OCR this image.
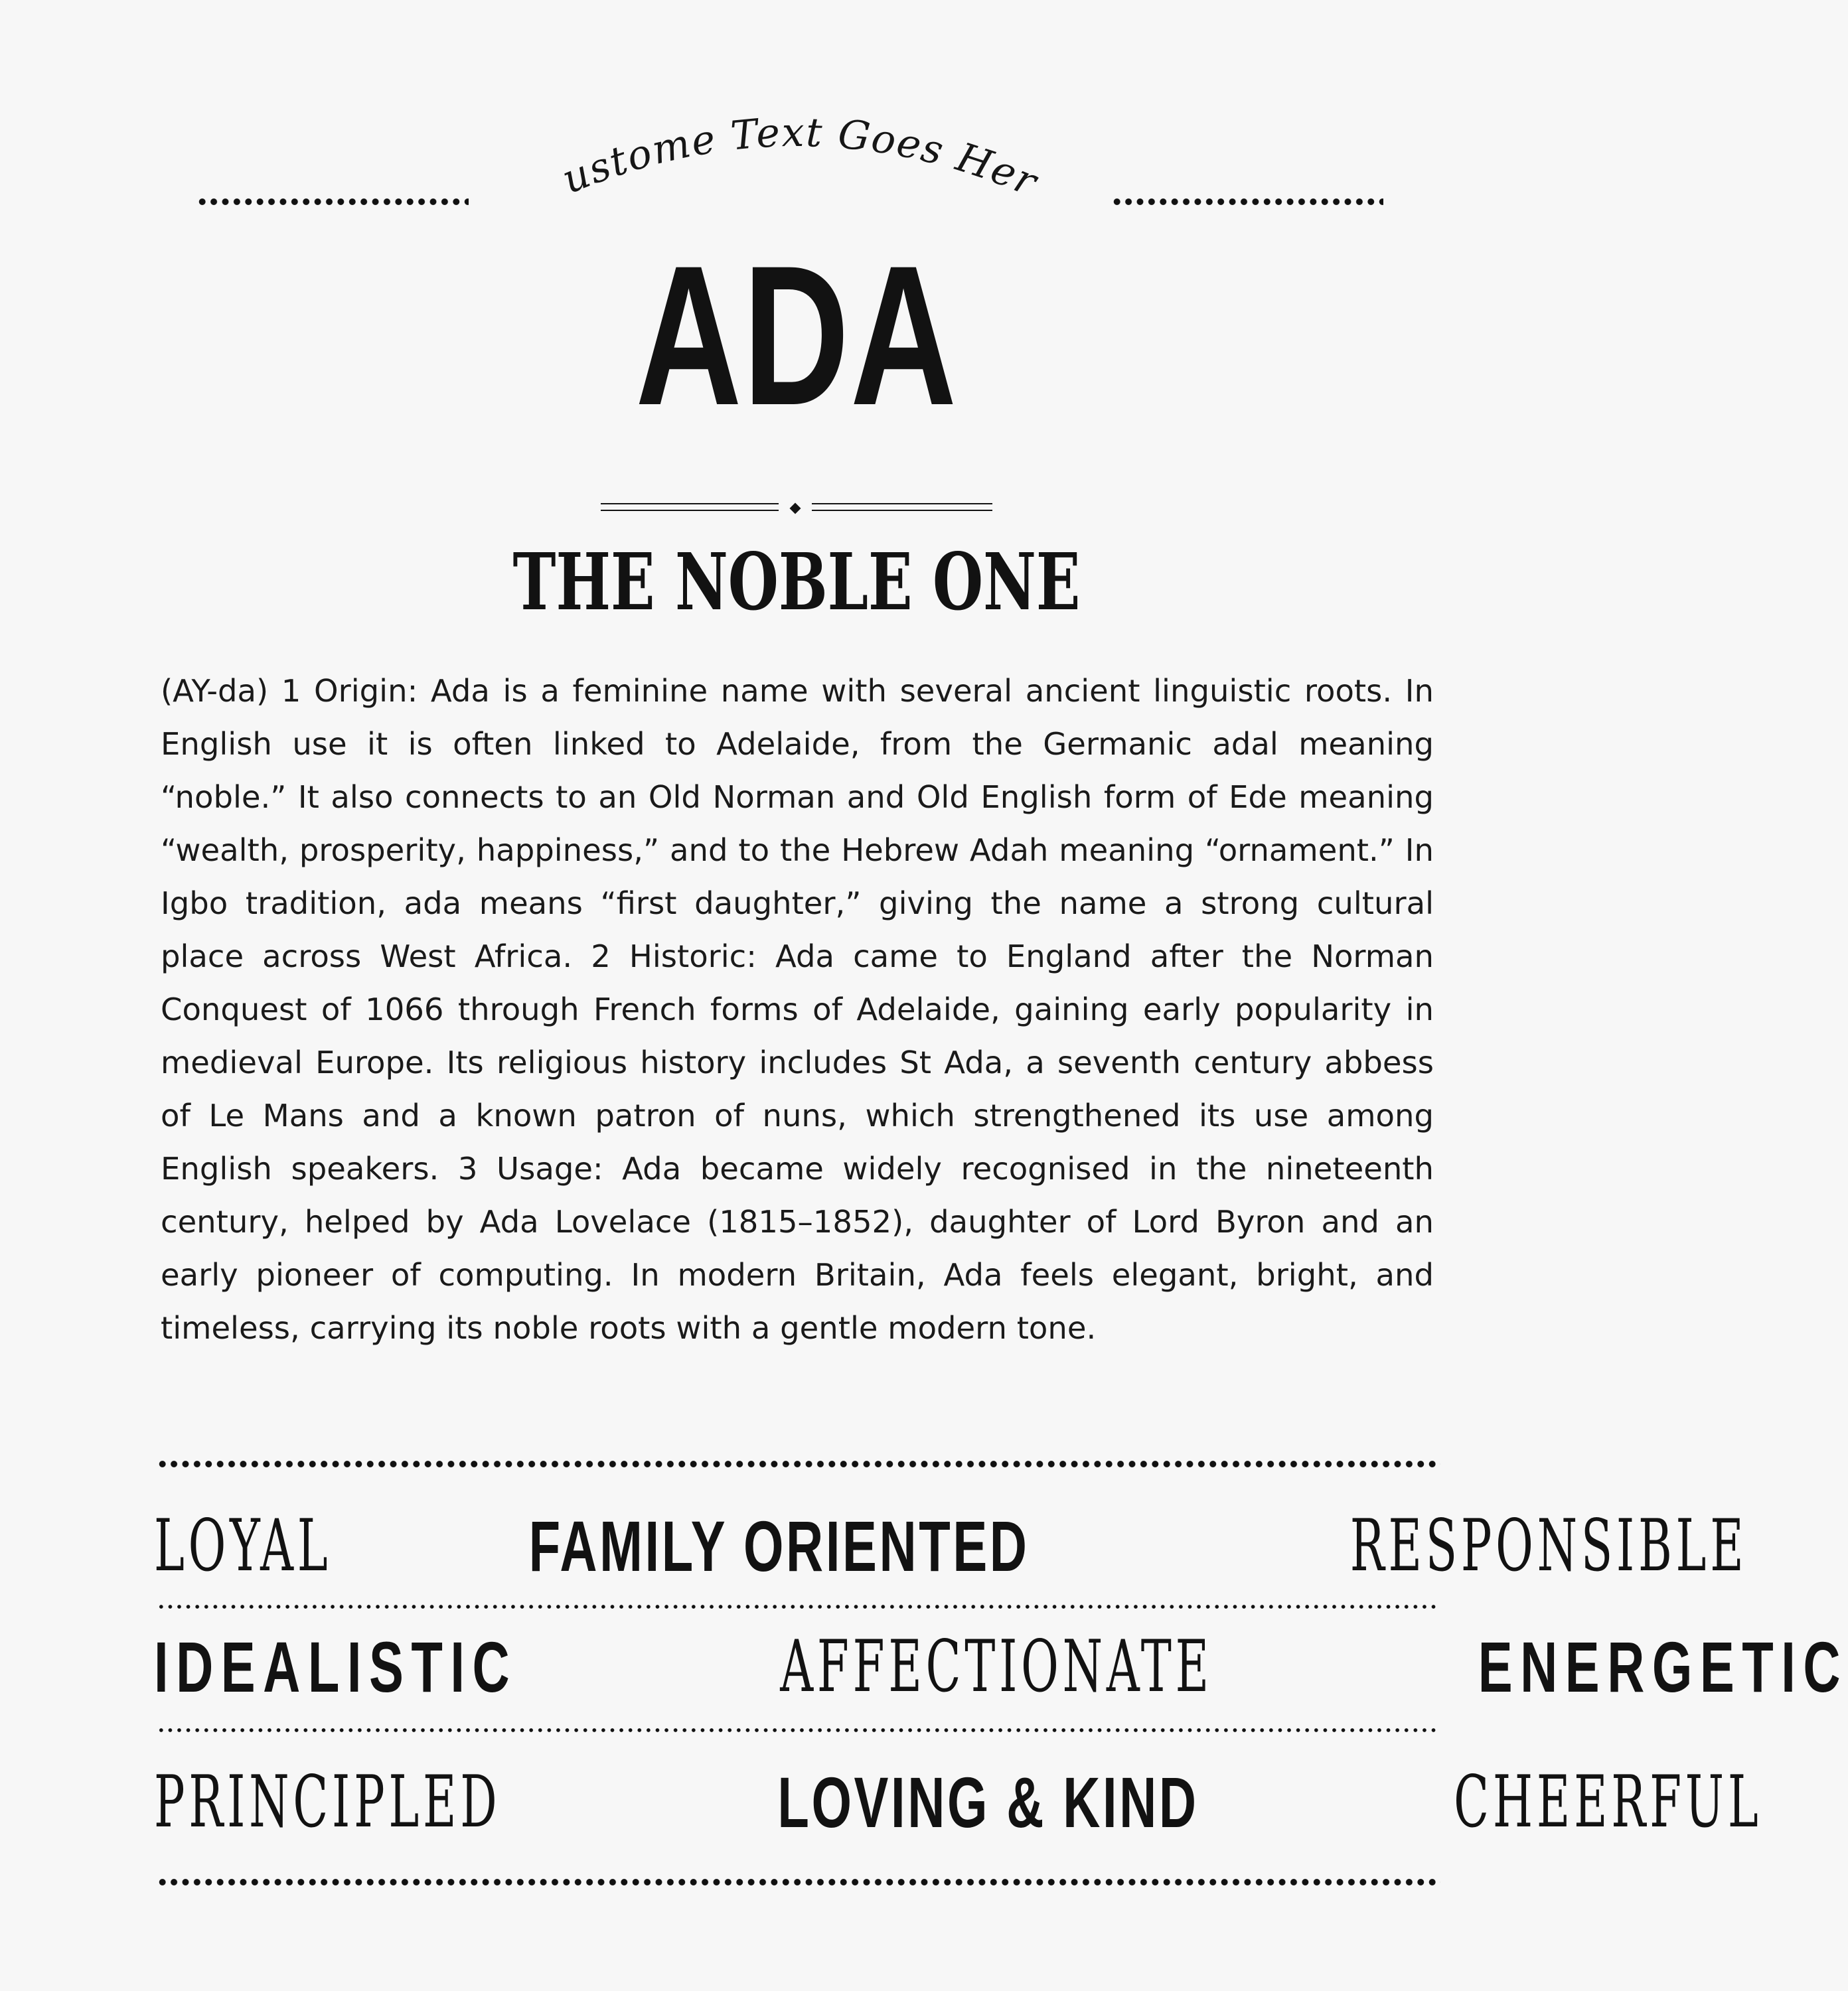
Custome Text Goes Here
ADA
THE NOBLE ONE

(AY-da) 1 Origin: Ada is a feminine name with several ancient linguistic roots. In English use it is often linked to Adelaide, from the Germanic adal meaning “noble.” It also connects to an Old Norman and Old English form of Ede meaning “wealth, prosperity, happiness,” and to the Hebrew Adah meaning “ornament.” In Igbo tradition, ada means “first daughter,” giving the name a strong cultural place across West Africa. 2 Historic: Ada came to England after the Norman Conquest of 1066 through French forms of Adelaide, gaining early popularity in medieval Europe. Its religious history includes St Ada, a seventh century abbess of Le Mans and a known patron of nuns, which strengthened its use among English speakers. 3 Usage: Ada became widely recognised in the nineteenth century, helped by Ada Lovelace (1815–1852), daughter of Lord Byron and an early pioneer of computing. In modern Britain, Ada feels elegant, bright, and timeless, carrying its noble roots with a gentle modern tone.

LOYAL	FAMILY ORIENTED	RESPONSIBLE
IDEALISTIC	AFFECTIONATE	ENERGETIC
PRINCIPLED	LOVING & KIND	CHEERFUL
